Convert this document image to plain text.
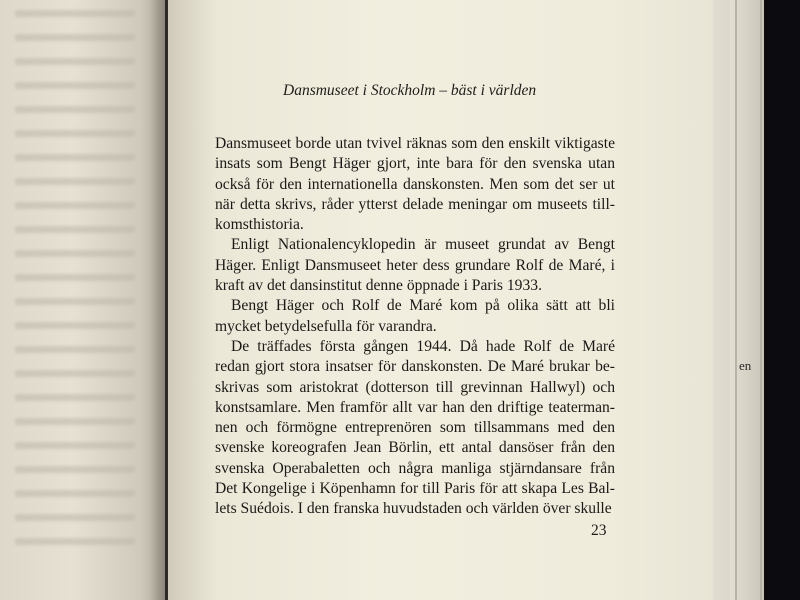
en
Dansmuseet i Stockholm – bäst i världen
Dansmuseet borde utan tvivel räknas som den enskilt viktigaste
insats som Bengt Häger gjort, inte bara för den svenska utan
också för den internationella danskonsten. Men som det ser ut
när detta skrivs, råder ytterst delade meningar om museets till-
komsthistoria.
Enligt Nationalencyklopedin är museet grundat av Bengt
Häger. Enligt Dansmuseet heter dess grundare Rolf de Maré, i
kraft av det dansinstitut denne öppnade i Paris 1933.
Bengt Häger och Rolf de Maré kom på olika sätt att bli
mycket betydelsefulla för varandra.
De träffades första gången 1944. Då hade Rolf de Maré
redan gjort stora insatser för danskonsten. De Maré brukar be-
skrivas som aristokrat (dotterson till grevinnan Hallwyl) och
konstsamlare. Men framför allt var han den driftige teaterman-
nen och förmögne entreprenören som tillsammans med den
svenske koreografen Jean Börlin, ett antal dansöser från den
svenska Operabaletten och några manliga stjärndansare från
Det Kongelige i Köpenhamn for till Paris för att skapa Les Bal-
lets Suédois. I den franska huvudstaden och världen över skulle
23
